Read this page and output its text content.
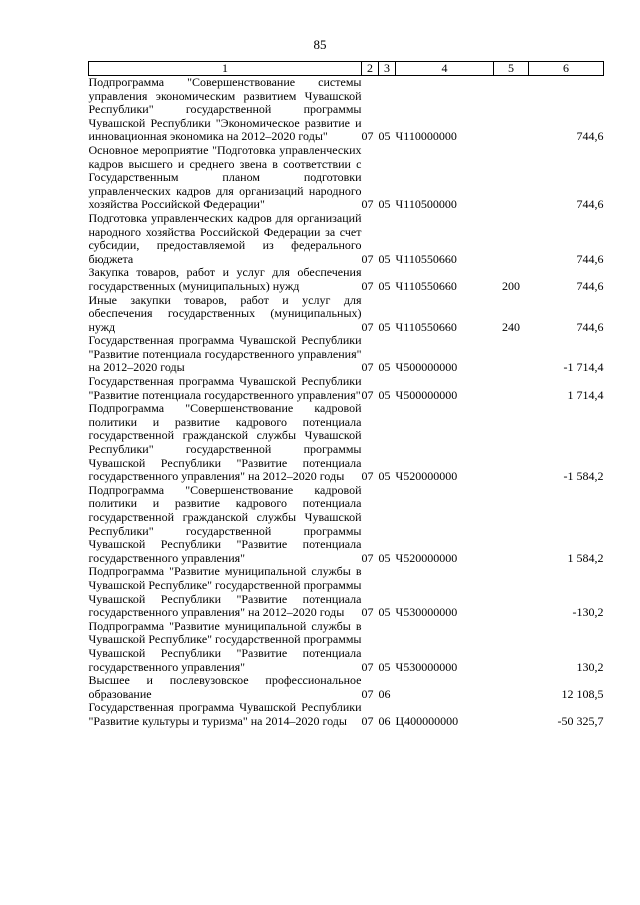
85
1	2	3	4	5	6
Подпрограмма "Совершенствование системы управления экономическим развитием Чувашской Республики" государственной программы Чувашской Республики "Экономическое развитие и инновационная экономика на 2012–2020 годы"	07	05	Ч110000000		744,6
Основное мероприятие "Подготовка управленческих кадров высшего и среднего звена в соответствии с Государственным планом подготовки управленческих кадров для организаций народного хозяйства Российской Федерации"	07	05	Ч110500000		744,6
Подготовка управленческих кадров для организаций народного хозяйства Российской Федерации за счет субсидии, предоставляемой из федерального бюджета	07	05	Ч110550660		744,6
Закупка товаров, работ и услуг для обеспечения государственных (муниципальных) нужд	07	05	Ч110550660	200	744,6
Иные закупки товаров, работ и услуг для обеспечения государственных (муниципальных) нужд	07	05	Ч110550660	240	744,6
Государственная программа Чувашской Республики "Развитие потенциала государственного управления" на 2012–2020 годы	07	05	Ч500000000		-1 714,4
Государственная программа Чувашской Республики "Развитие потенциала государственного управления"	07	05	Ч500000000		1 714,4
Подпрограмма "Совершенствование кадровой политики и развитие кадрового потенциала государственной гражданской службы Чувашской Республики" государственной программы Чувашской Республики "Развитие потенциала государственного управления" на 2012–2020 годы	07	05	Ч520000000		-1 584,2
Подпрограмма "Совершенствование кадровой политики и развитие кадрового потенциала государственной гражданской службы Чувашской Республики" государственной программы Чувашской Республики "Развитие потенциала государственного управления"	07	05	Ч520000000		1 584,2
Подпрограмма "Развитие муниципальной службы в Чувашской Республике" государственной программы Чувашской Республики "Развитие потенциала государственного управления" на 2012–2020 годы	07	05	Ч530000000		-130,2
Подпрограмма "Развитие муниципальной службы в Чувашской Республике" государственной программы Чувашской Республики "Развитие потенциала государственного управления"	07	05	Ч530000000		130,2
Высшее и послевузовское профессиональное образование	07	06			12 108,5
Государственная программа Чувашской Республики "Развитие культуры и туризма" на 2014–2020 годы	07	06	Ц400000000		-50 325,7
